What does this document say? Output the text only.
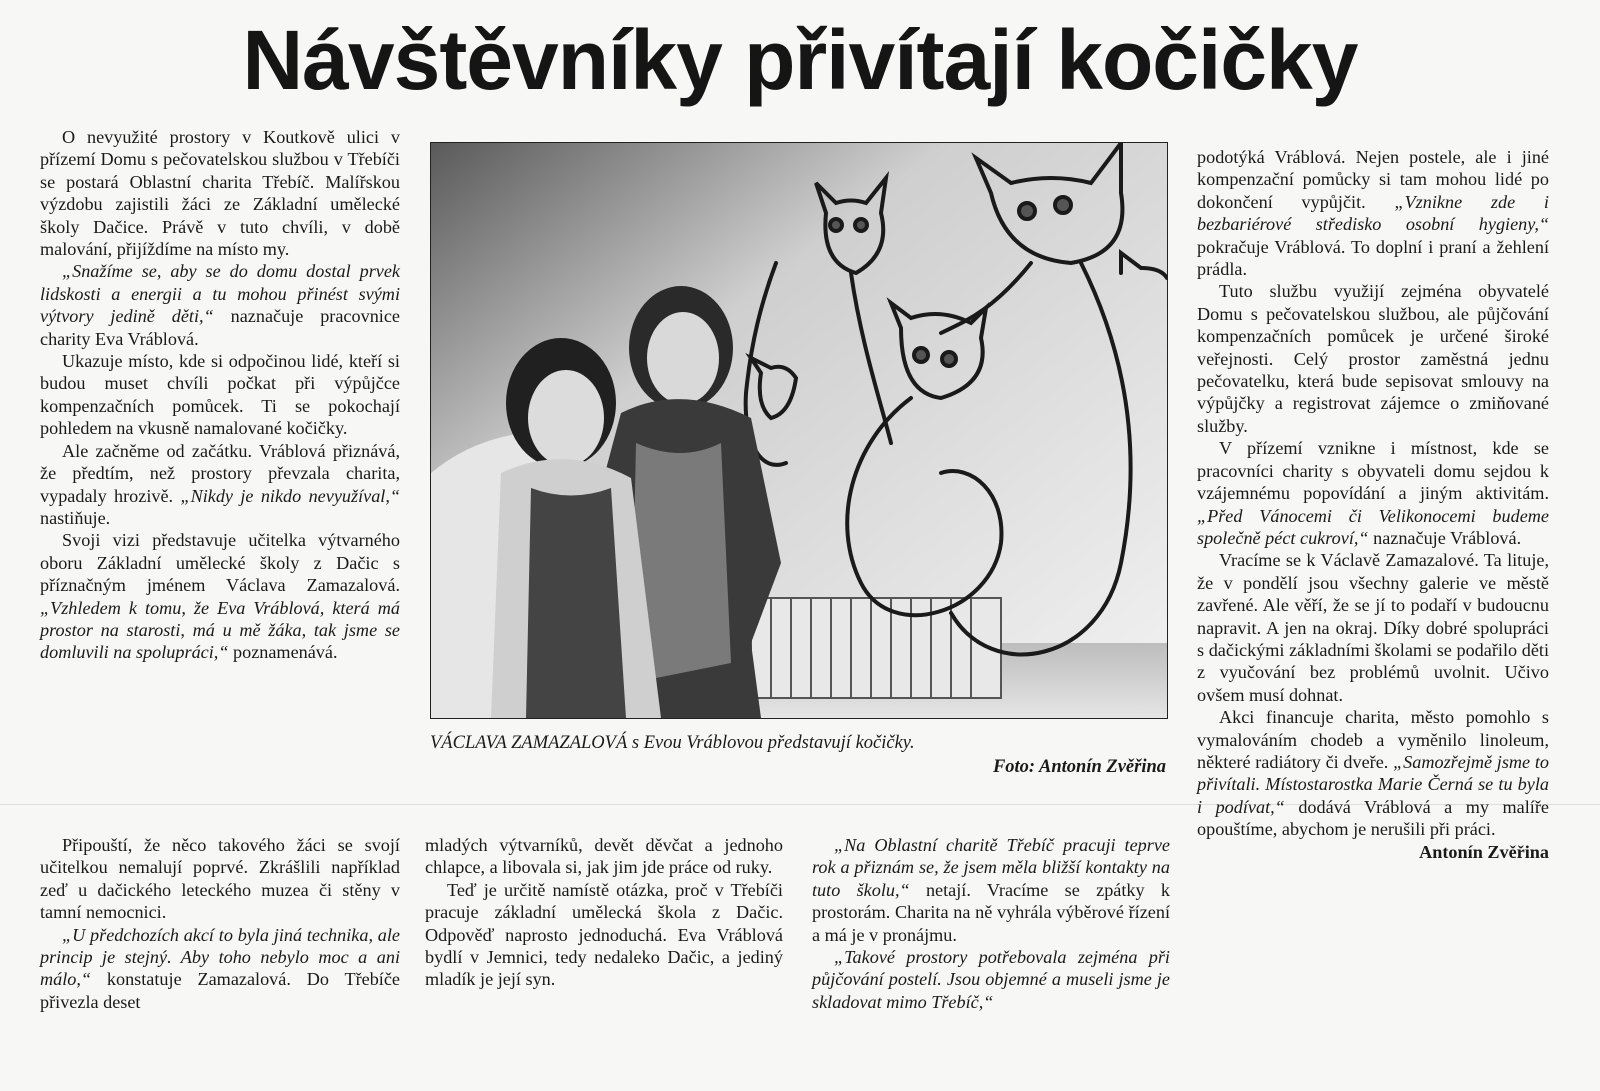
Návštěvníky přivítají kočičky

O nevyužité prostory v Koutkově ulici v přízemí Domu s pečovatelskou službou v Třebíči se postará Oblastní charita Třebíč. Malířskou výzdobu zajistili žáci ze Základní umělecké školy Dačice. Právě v tuto chvíli, v době malování, přijíždíme na místo my.

„Snažíme se, aby se do domu dostal prvek lidskosti a energii a tu mohou přinést svými výtvory jedině děti,“ naznačuje pracovnice charity Eva Vráblová.

Ukazuje místo, kde si odpočinou lidé, kteří si budou muset chvíli počkat při výpůjčce kompenzačních pomůcek. Ti se pokochají pohledem na vkusně namalované kočičky.

Ale začněme od začátku. Vráblová přiznává, že předtím, než prostory převzala charita, vypadaly hrozivě. „Nikdy je nikdo nevyužíval,“ nastiňuje.

Svoji vizi představuje učitelka výtvarného oboru Základní umělecké školy z Dačic s příznačným jménem Václava Zamazalová. „Vzhledem k tomu, že Eva Vráblová, která má prostor na starosti, má u mě žáka, tak jsme se domluvili na spolupráci,“ poznamenává.

VÁCLAVA ZAMAZALOVÁ s Evou Vráblovou představují kočičky.
Foto: Antonín Zvěřina

Připouští, že něco takového žáci se svojí učitelkou nemalují poprvé. Zkrášlili například zeď u dačického leteckého muzea či stěny v tamní nemocnici.

„U předchozích akcí to byla jiná technika, ale princip je stejný. Aby toho nebylo moc a ani málo,“ konstatuje Zamazalová. Do Třebíče přivezla deset

mladých výtvarníků, devět děvčat a jednoho chlapce, a libovala si, jak jim jde práce od ruky.

Teď je určitě namístě otázka, proč v Třebíči pracuje základní umělecká škola z Dačic. Odpověď naprosto jednoduchá. Eva Vráblová bydlí v Jemnici, tedy nedaleko Dačic, a jediný mladík je její syn.

„Na Oblastní charitě Třebíč pracuji teprve rok a přiznám se, že jsem měla bližší kontakty na tuto školu,“ netají. Vracíme se zpátky k prostorám. Charita na ně vyhrála výběrové řízení a má je v pronájmu.

„Takové prostory potřebovala zejména při půjčování postelí. Jsou objemné a museli jsme je skladovat mimo Třebíč,“

podotýká Vráblová. Nejen postele, ale i jiné kompenzační pomůcky si tam mohou lidé po dokončení vypůjčit. „Vznikne zde i bezbariérové středisko osobní hygieny,“ pokračuje Vráblová. To doplní i praní a žehlení prádla.

Tuto službu využijí zejména obyvatelé Domu s pečovatelskou službou, ale půjčování kompenzačních pomůcek je určené široké veřejnosti. Celý prostor zaměstná jednu pečovatelku, která bude sepisovat smlouvy na výpůjčky a registrovat zájemce o zmiňované služby.

V přízemí vznikne i místnost, kde se pracovníci charity s obyvateli domu sejdou k vzájemnému popovídání a jiným aktivitám. „Před Vánocemi či Velikonocemi budeme společně péct cukroví,“ naznačuje Vráblová.

Vracíme se k Václavě Zamazalové. Ta lituje, že v pondělí jsou všechny galerie ve městě zavřené. Ale věří, že se jí to podaří v budoucnu napravit. A jen na okraj. Díky dobré spolupráci s dačickými základními školami se podařilo děti z vyučování bez problémů uvolnit. Učivo ovšem musí dohnat.

Akci financuje charita, město pomohlo s vymalováním chodeb a vyměnilo linoleum, některé radiátory či dveře. „Samozřejmě jsme to přivítali. Místostarostka Marie Černá se tu byla i podívat,“ dodává Vráblová a my malíře opouštíme, abychom je nerušili při práci.
Antonín Zvěřina
